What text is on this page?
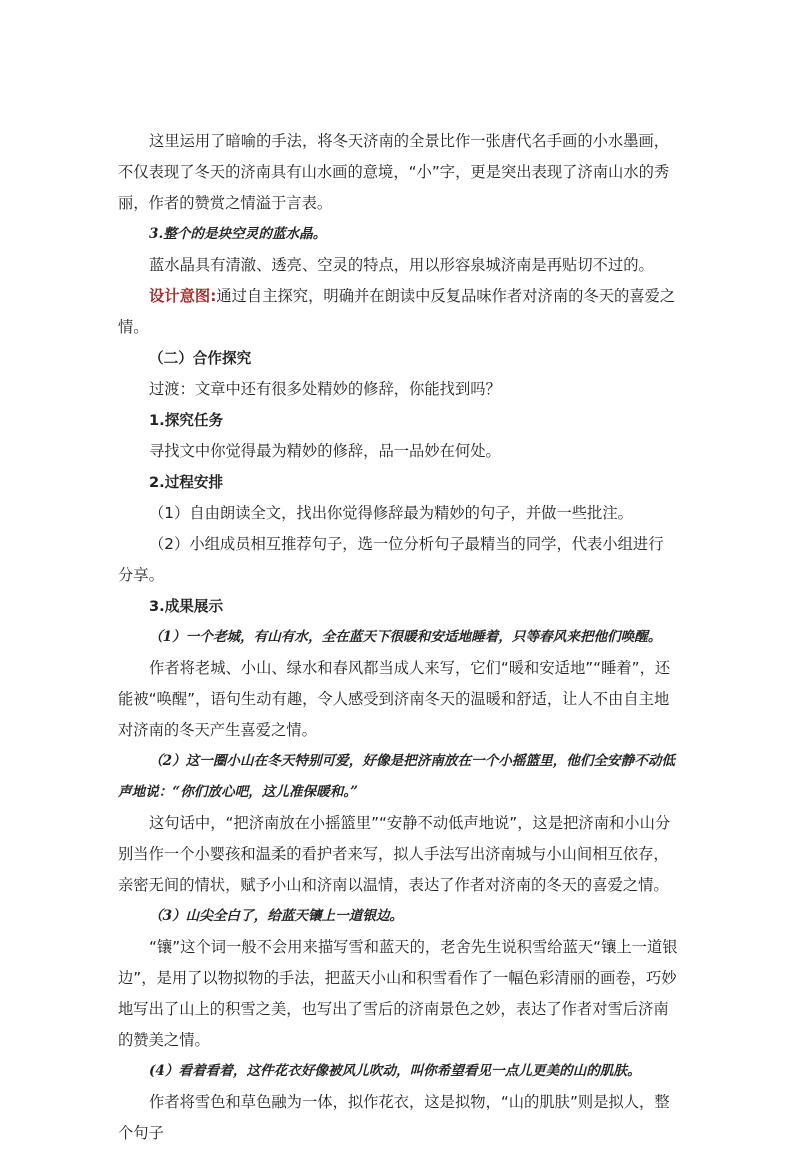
这里运用了暗喻的手法，将冬天济南的全景比作一张唐代名手画的小水墨画，不仅表现了冬天的济南具有山水画的意境，“小”字，更是突出表现了济南山水的秀丽，作者的赞赏之情溢于言表。

3.整个的是块空灵的蓝水晶。

蓝水晶具有清澈、透亮、空灵的特点，用以形容泉城济南是再贴切不过的。

设计意图:通过自主探究，明确并在朗读中反复品味作者对济南的冬天的喜爱之情。

（二）合作探究

过渡：文章中还有很多处精妙的修辞，你能找到吗？

1.探究任务

寻找文中你觉得最为精妙的修辞，品一品妙在何处。

2.过程安排

（1）自由朗读全文，找出你觉得修辞最为精妙的句子，并做一些批注。

（2）小组成员相互推荐句子，选一位分析句子最精当的同学，代表小组进行分享。

3.成果展示

（1）一个老城，有山有水，全在蓝天下很暖和安适地睡着，只等春风来把他们唤醒。

作者将老城、小山、绿水和春风都当成人来写，它们“暖和安适地”“睡着”，还能被“唤醒”，语句生动有趣，令人感受到济南冬天的温暖和舒适，让人不由自主地对济南的冬天产生喜爱之情。

（2）这一圈小山在冬天特别可爱，好像是把济南放在一个小摇篮里，他们全安静不动低声地说：“你们放心吧，这儿准保暖和。”

这句话中，“把济南放在小摇篮里”“安静不动低声地说”，这是把济南和小山分别当作一个小婴孩和温柔的看护者来写，拟人手法写出济南城与小山间相互依存，亲密无间的情状，赋予小山和济南以温情，表达了作者对济南的冬天的喜爱之情。

（3）山尖全白了，给蓝天镶上一道银边。

“镶”这个词一般不会用来描写雪和蓝天的，老舍先生说积雪给蓝天“镶上一道银边”，是用了以物拟物的手法，把蓝天小山和积雪看作了一幅色彩清丽的画卷，巧妙地写出了山上的积雪之美，也写出了雪后的济南景色之妙，表达了作者对雪后济南的赞美之情。

(4）看着看着，这件花衣好像被风儿吹动，叫你希望看见一点儿更美的山的肌肤。

作者将雪色和草色融为一体，拟作花衣，这是拟物，“山的肌肤”则是拟人，整个句子
